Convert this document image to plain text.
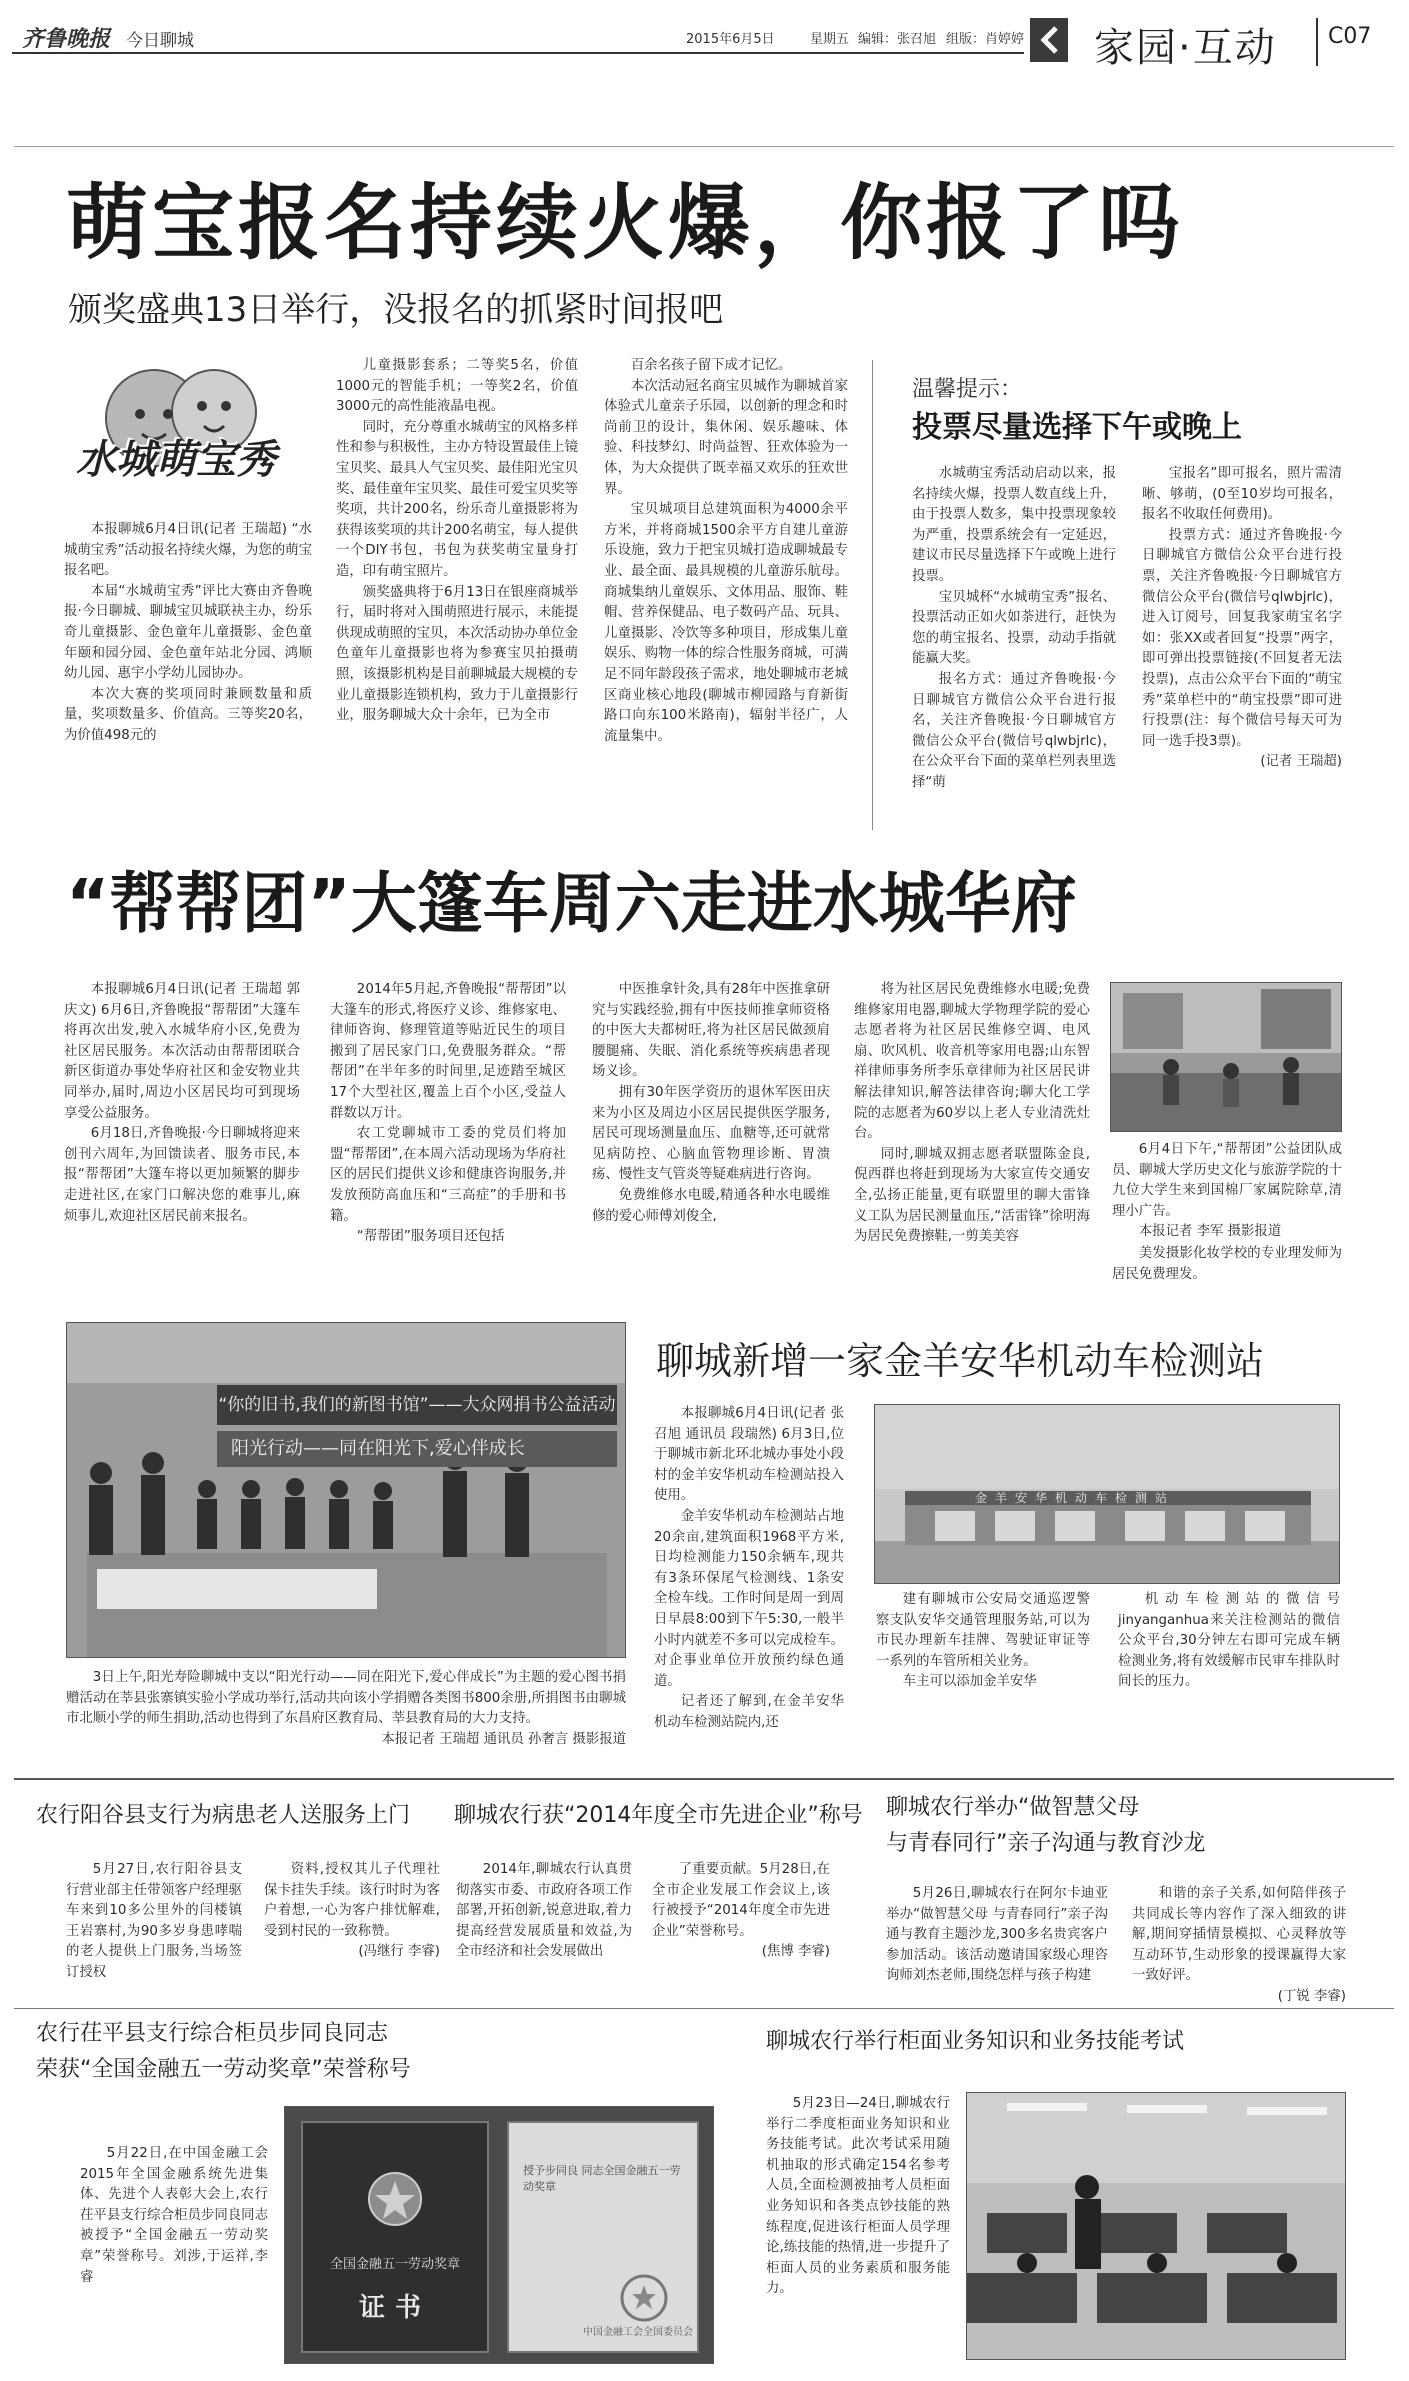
齐鲁晚报 今日聊城	2015年6月5日	星期五 编辑：张召旭 组版：肖婷婷 家园·互动 C07
萌宝报名持续火爆，你报了吗
颁奖盛典13日举行，没报名的抓紧时间报吧
水城萌宝秀

本报聊城6月4日讯(记者 王瑞超) “水城萌宝秀”活动报名持续火爆，为您的萌宝报名吧。

本届“水城萌宝秀”评比大赛由齐鲁晚报·今日聊城、聊城宝贝城联袂主办，纷乐奇儿童摄影、金色童年儿童摄影、金色童年颐和园分园、金色童年站北分园、鸿顺幼儿园、惠宇小学幼儿园协办。

本次大赛的奖项同时兼顾数量和质量，奖项数量多、价值高。三等奖20名，为价值498元的

儿童摄影套系；二等奖5名，价值1000元的智能手机；一等奖2名，价值3000元的高性能液晶电视。

同时，充分尊重水城萌宝的风格多样性和参与积极性，主办方特设置最佳上镜宝贝奖、最具人气宝贝奖、最佳阳光宝贝奖、最佳童年宝贝奖、最佳可爱宝贝奖等奖项，共计200名，纷乐奇儿童摄影将为获得该奖项的共计200名萌宝，每人提供一个DIY书包，书包为获奖萌宝量身打造，印有萌宝照片。

颁奖盛典将于6月13日在银座商城举行，届时将对入围萌照进行展示，未能提供现成萌照的宝贝，本次活动协办单位金色童年儿童摄影也将为参赛宝贝拍摄萌照，该摄影机构是目前聊城最大规模的专业儿童摄影连锁机构，致力于儿童摄影行业，服务聊城大众十余年，已为全市

百余名孩子留下成才记忆。

本次活动冠名商宝贝城作为聊城首家体验式儿童亲子乐园，以创新的理念和时尚前卫的设计，集休闲、娱乐趣味、体验、科技梦幻、时尚益智、狂欢体验为一体，为大众提供了既幸福又欢乐的狂欢世界。

宝贝城项目总建筑面积为4000余平方米，并将商城1500余平方自建儿童游乐设施，致力于把宝贝城打造成聊城最专业、最全面、最具规模的儿童游乐航母。商城集纳儿童娱乐、文体用品、服饰、鞋帽、营养保健品、电子数码产品、玩具、儿童摄影、冷饮等多种项目，形成集儿童娱乐、购物一体的综合性服务商城，可满足不同年龄段孩子需求，地处聊城市老城区商业核心地段(聊城市柳园路与育新街路口向东100米路南)，辐射半径广，人流量集中。

温馨提示：
投票尽量选择下午或晚上

水城萌宝秀活动启动以来，报名持续火爆，投票人数直线上升，由于投票人数多，集中投票现象较为严重，投票系统会有一定延迟，建议市民尽量选择下午或晚上进行投票。

宝贝城杯“水城萌宝秀”报名、投票活动正如火如荼进行，赶快为您的萌宝报名、投票，动动手指就能赢大奖。

报名方式：通过齐鲁晚报·今日聊城官方微信公众平台进行报名，关注齐鲁晚报·今日聊城官方微信公众平台(微信号qlwbjrlc)，在公众平台下面的菜单栏列表里选择“萌

宝报名”即可报名，照片需清晰、够萌，(0至10岁均可报名，报名不收取任何费用)。

投票方式：通过齐鲁晚报·今日聊城官方微信公众平台进行投票，关注齐鲁晚报·今日聊城官方微信公众平台(微信号qlwbjrlc)，进入订阅号，回复我家萌宝名字如：张XX或者回复“投票”两字，即可弹出投票链接(不回复者无法投票)，点击公众平台下面的“萌宝秀”菜单栏中的“萌宝投票”即可进行投票(注：每个微信号每天可为同一选手投3票)。

(记者 王瑞超)
“帮帮团”大篷车周六走进水城华府

本报聊城6月4日讯(记者 王瑞超 郭庆文) 6月6日,齐鲁晚报“帮帮团”大篷车将再次出发,驶入水城华府小区,免费为社区居民服务。本次活动由帮帮团联合新区街道办事处华府社区和金安物业共同举办,届时,周边小区居民均可到现场享受公益服务。

6月18日,齐鲁晚报·今日聊城将迎来创刊六周年,为回馈读者、服务市民,本报“帮帮团”大篷车将以更加频繁的脚步走进社区,在家门口解决您的难事儿,麻烦事儿,欢迎社区居民前来报名。

2014年5月起,齐鲁晚报“帮帮团”以大篷车的形式,将医疗义诊、维修家电、律师咨询、修理管道等贴近民生的项目搬到了居民家门口,免费服务群众。“帮帮团”在半年多的时间里,足迹踏至城区17个大型社区,覆盖上百个小区,受益人群数以万计。

农工党聊城市工委的党员们将加盟“帮帮团”,在本周六活动现场为华府社区的居民们提供义诊和健康咨询服务,并发放预防高血压和“三高症”的手册和书籍。

“帮帮团”服务项目还包括

中医推拿针灸,具有28年中医推拿研究与实践经验,拥有中医技师推拿师资格的中医大夫都树旺,将为社区居民做颈肩腰腿痛、失眠、消化系统等疾病患者现场义诊。

拥有30年医学资历的退休军医田庆来为小区及周边小区居民提供医学服务,居民可现场测量血压、血糖等,还可就常见病防控、心脑血管物理诊断、胃溃疡、慢性支气管炎等疑难病进行咨询。

免费维修水电暖,精通各种水电暖维修的爱心师傅刘俊全,

将为社区居民免费维修水电暖;免费维修家用电器,聊城大学物理学院的爱心志愿者将为社区居民维修空调、电风扇、吹风机、收音机等家用电器;山东智祥律师事务所李乐章律师为社区居民讲解法律知识,解答法律咨询;聊大化工学院的志愿者为60岁以上老人专业清洗灶台。

同时,聊城双拥志愿者联盟陈金良,倪西群也将赶到现场为大家宣传交通安全,弘扬正能量,更有联盟里的聊大雷锋义工队为居民测量血压,“活雷锋”徐明海为居民免费擦鞋,一剪美美容

6月4日下午,“帮帮团”公益团队成员、聊城大学历史文化与旅游学院的十九位大学生来到国棉厂家属院除草,清理小广告。

本报记者 李军 摄影报道

美发摄影化妆学校的专业理发师为居民免费理发。

“你的旧书,我们的新图书馆”——大众网捐书公益活动
阳光行动——同在阳光下,爱心伴成长

3日上午,阳光寿险聊城中支以“阳光行动——同在阳光下,爱心伴成长”为主题的爱心图书捐赠活动在莘县张寨镇实验小学成功举行,活动共向该小学捐赠各类图书800余册,所捐图书由聊城市北顺小学的师生捐助,活动也得到了东昌府区教育局、莘县教育局的大力支持。

本报记者 王瑞超 通讯员 孙奢言 摄影报道
聊城新增一家金羊安华机动车检测站

本报聊城6月4日讯(记者 张召旭 通讯员 段瑞然) 6月3日,位于聊城市新北环北城办事处小段村的金羊安华机动车检测站投入使用。

金羊安华机动车检测站占地20余亩,建筑面积1968平方米,日均检测能力150余辆车,现共有3条环保尾气检测线、1条安全检车线。工作时间是周一到周日早晨8:00到下午5:30,一般半小时内就差不多可以完成检车。对企事业单位开放预约绿色通道。

记者还了解到,在金羊安华机动车检测站院内,还

金羊安华机动车检测站

建有聊城市公安局交通巡逻警察支队安华交通管理服务站,可以为市民办理新车挂牌、驾驶证审证等一系列的车管所相关业务。

车主可以添加金羊安华

机动车检测站的微信号jinyanganhua来关注检测站的微信公众平台,30分钟左右即可完成车辆检测业务,将有效缓解市民审车排队时间长的压力。

农行阳谷县支行为病患老人送服务上门

5月27日,农行阳谷县支行营业部主任带领客户经理驱车来到10多公里外的闫楼镇王岩寨村,为90多岁身患哮喘的老人提供上门服务,当场签订授权

资料,授权其儿子代理社保卡挂失手续。该行时时为客户着想,一心为客户排忧解难,受到村民的一致称赞。

(冯继行 李睿)
聊城农行获“2014年度全市先进企业”称号

2014年,聊城农行认真贯彻落实市委、市政府各项工作部署,开拓创新,锐意进取,着力提高经营发展质量和效益,为全市经济和社会发展做出

了重要贡献。5月28日,在全市企业发展工作会议上,该行被授予“2014年度全市先进企业”荣誉称号。

(焦博 李睿)
聊城农行举办“做智慧父母
与青春同行”亲子沟通与教育沙龙

5月26日,聊城农行在阿尔卡迪亚举办“做智慧父母 与青春同行”亲子沟通与教育主题沙龙,300多名贵宾客户参加活动。该活动邀请国家级心理咨询师刘杰老师,围绕怎样与孩子构建

和谐的亲子关系,如何陪伴孩子共同成长等内容作了深入细致的讲解,期间穿插情景模拟、心灵释放等互动环节,生动形象的授课赢得大家一致好评。

(丁锐 李睿)
农行茌平县支行综合柜员步同良同志
荣获“全国金融五一劳动奖章”荣誉称号

5月22日,在中国金融工会2015年全国金融系统先进集体、先进个人表彰大会上,农行茌平县支行综合柜员步同良同志被授予“全国金融五一劳动奖章”荣誉称号。刘涉,于运祥,李睿

全国金融五一劳动奖章
证书
授予步同良 同志全国金融五一劳动奖章
中国金融工会全国委员会
聊城农行举行柜面业务知识和业务技能考试

5月23日—24日,聊城农行举行二季度柜面业务知识和业务技能考试。此次考试采用随机抽取的形式确定154名参考人员,全面检测被抽考人员柜面业务知识和各类点钞技能的熟练程度,促进该行柜面人员学理论,练技能的热情,进一步提升了柜面人员的业务素质和服务能力。
